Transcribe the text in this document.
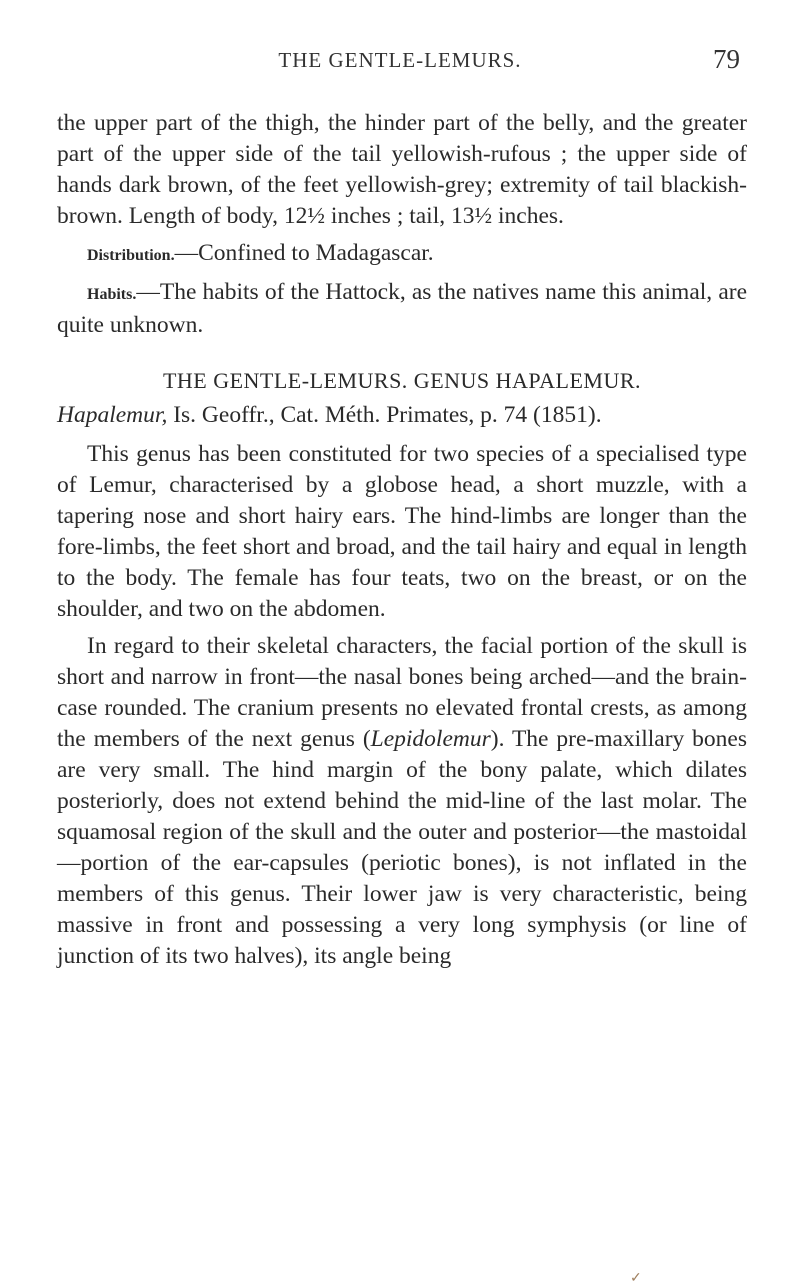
THE GENTLE-LEMURS.	79

the upper part of the thigh, the hinder part of the belly, and the greater part of the upper side of the tail yellowish-rufous ; the upper side of hands dark brown, of the feet yellowish-grey; extremity of tail blackish-brown. Length of body, 12½ inches ; tail, 13½ inches.

Distribution.—Confined to Madagascar.

Habits.—The habits of the Hattock, as the natives name this animal, are quite unknown.

THE GENTLE-LEMURS. GENUS HAPALEMUR.

Hapalemur, Is. Geoffr., Cat. Méth. Primates, p. 74 (1851).

This genus has been constituted for two species of a specialised type of Lemur, characterised by a globose head, a short muzzle, with a tapering nose and short hairy ears. The hind-limbs are longer than the fore-limbs, the feet short and broad, and the tail hairy and equal in length to the body. The female has four teats, two on the breast, or on the shoulder, and two on the abdomen.

In regard to their skeletal characters, the facial portion of the skull is short and narrow in front—the nasal bones being arched—and the brain-case rounded. The cranium presents no elevated frontal crests, as among the members of the next genus (Lepidolemur). The pre-maxillary bones are very small. The hind margin of the bony palate, which dilates posteriorly, does not extend behind the mid-line of the last molar. The squamosal region of the skull and the outer and posterior—the mastoidal—portion of the ear-capsules (periotic bones), is not inflated in the members of this genus. Their lower jaw is very characteristic, being massive in front and possessing a very long symphysis (or line of junction of its two halves), its angle being

✓
